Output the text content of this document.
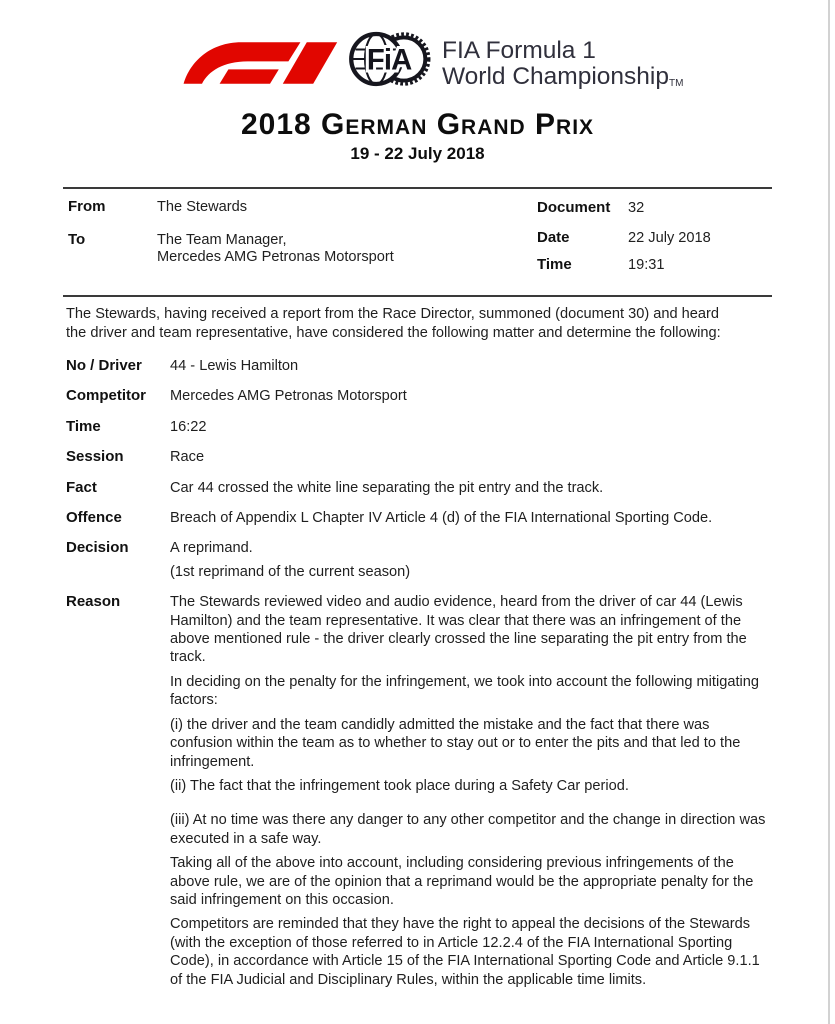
FiA FIA Formula 1
World ChampionshipTM
2018 German Grand Prix
19 - 22 July 2018
From	The Stewards
To	The Team Manager,
Mercedes AMG Petronas Motorsport
Document 32
Date	22 July 2018
Time	19:31

The Stewards, having received a report from the Race Director, summoned (document 30) and heard the driver and team representative, have considered the following matter and determine the following:

No / Driver	44 - Lewis Hamilton
Competitor	Mercedes AMG Petronas Motorsport
Time	16:22
Session	Race
Fact	Car 44 crossed the white line separating the pit entry and the track.
Offence	Breach of Appendix L Chapter IV Article 4 (d) of the FIA International Sporting Code.
Decision	A reprimand.
(1st reprimand of the current season)
Reason	The Stewards reviewed video and audio evidence, heard from the driver of car 44 (Lewis Hamilton) and the team representative. It was clear that there was an infringement of the above mentioned rule - the driver clearly crossed the line separating the pit entry from the track.

In deciding on the penalty for the infringement, we took into account the following mitigating factors:

(i) the driver and the team candidly admitted the mistake and the fact that there was confusion within the team as to whether to stay out or to enter the pits and that led to the infringement.

(ii) The fact that the infringement took place during a Safety Car period.

(iii) At no time was there any danger to any other competitor and the change in direction was executed in a safe way.

Taking all of the above into account, including considering previous infringements of the above rule, we are of the opinion that a reprimand would be the appropriate penalty for the said infringement on this occasion.

Competitors are reminded that they have the right to appeal the decisions of the Stewards (with the exception of those referred to in Article 12.2.4 of the FIA International Sporting Code), in accordance with Article 15 of the FIA International Sporting Code and Article 9.1.1 of the FIA Judicial and Disciplinary Rules, within the applicable time limits.
